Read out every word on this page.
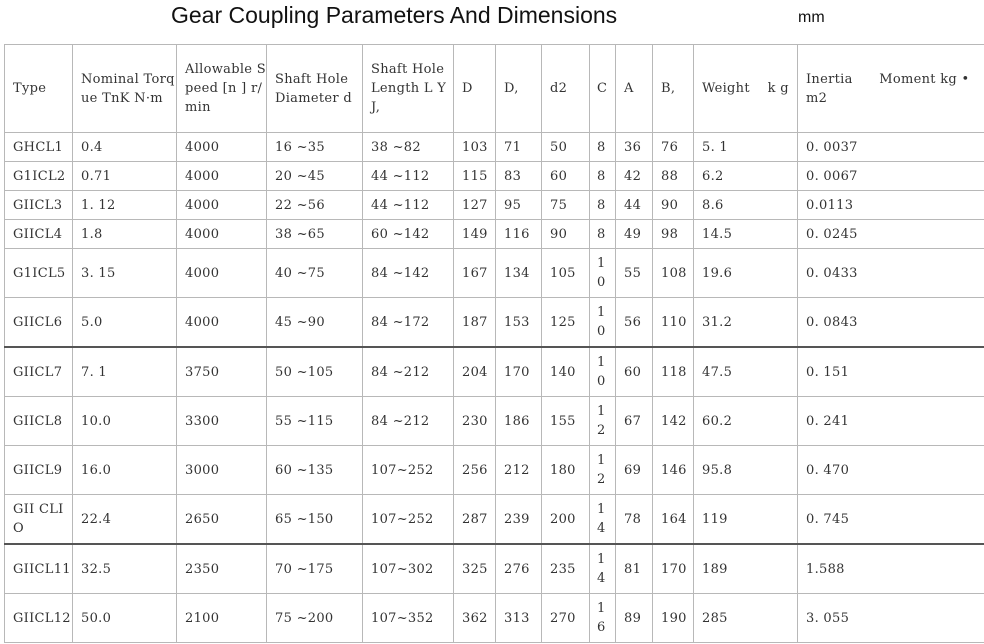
Gear Coupling Parameters And Dimensions	mm
Type	Nominal Torque TnK N·m	Allowable Speed [n ] r/min	Shaft Hole Diameter d	Shaft Hole Length L Y J,	D	D,	d2	C	A	B,	Weight    k g	Inertia      Moment kg • m2
GHCL1	0.4	4000	16 ~35	38 ~82	103	71	50	8	36	76	5. 1	0. 0037
G1ICL2	0.71	4000	20 ~45	44 ~112	115	83	60	8	42	88	6.2	0. 0067
GIICL3	1. 12	4000	22 ~56	44 ~112	127	95	75	8	44	90	8.6	0.0113
GIICL4	1.8	4000	38 ~65	60 ~142	149	116	90	8	49	98	14.5	0. 0245
G1ICL5	3. 15	4000	40 ~75	84 ~142	167	134	105	10	55	108	19.6	0. 0433
GIICL6	5.0	4000	45 ~90	84 ~172	187	153	125	10	56	110	31.2	0. 0843
GIICL7	7. 1	3750	50 ~105	84 ~212	204	170	140	10	60	118	47.5	0. 151
GIICL8	10.0	3300	55 ~115	84 ~212	230	186	155	12	67	142	60.2	0. 241
GIICL9	16.0	3000	60 ~135	107~252	256	212	180	12	69	146	95.8	0. 470
GII CLIO	22.4	2650	65 ~150	107~252	287	239	200	14	78	164	119	0. 745
GIICL11	32.5	2350	70 ~175	107~302	325	276	235	14	81	170	189	1.588
GIICL12	50.0	2100	75 ~200	107~352	362	313	270	16	89	190	285	3. 055
